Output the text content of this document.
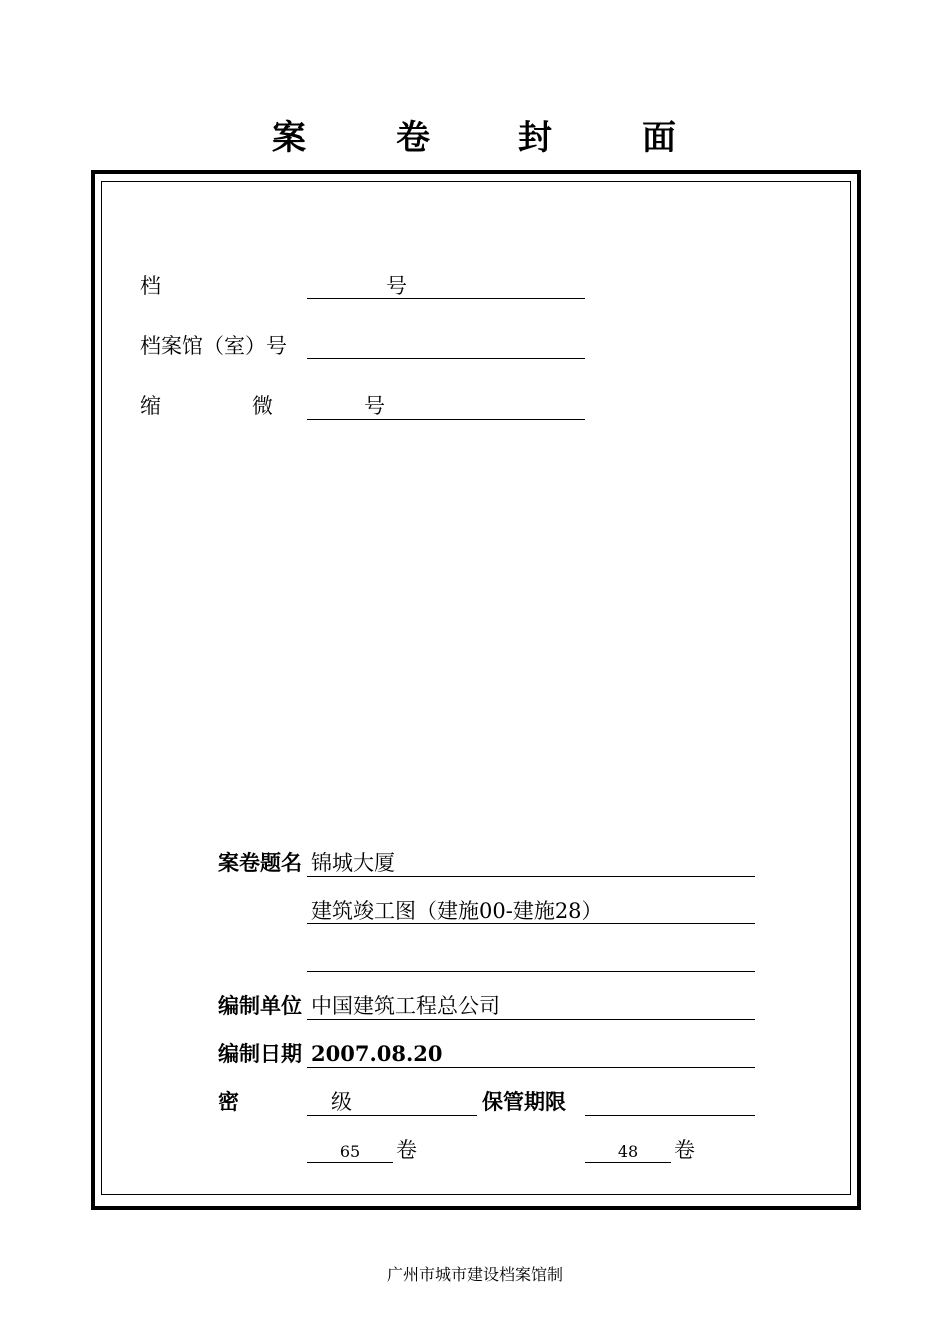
案	卷	封	面
档	号
档案馆（室）号
缩	微	号
案卷题名 锦城大厦
建筑竣工图（建施00-建施28）
编制单位 中国建筑工程总公司
编制日期 2007.08.20
密	级	保管期限
65	卷	48	卷
广州市城市建设档案馆制
